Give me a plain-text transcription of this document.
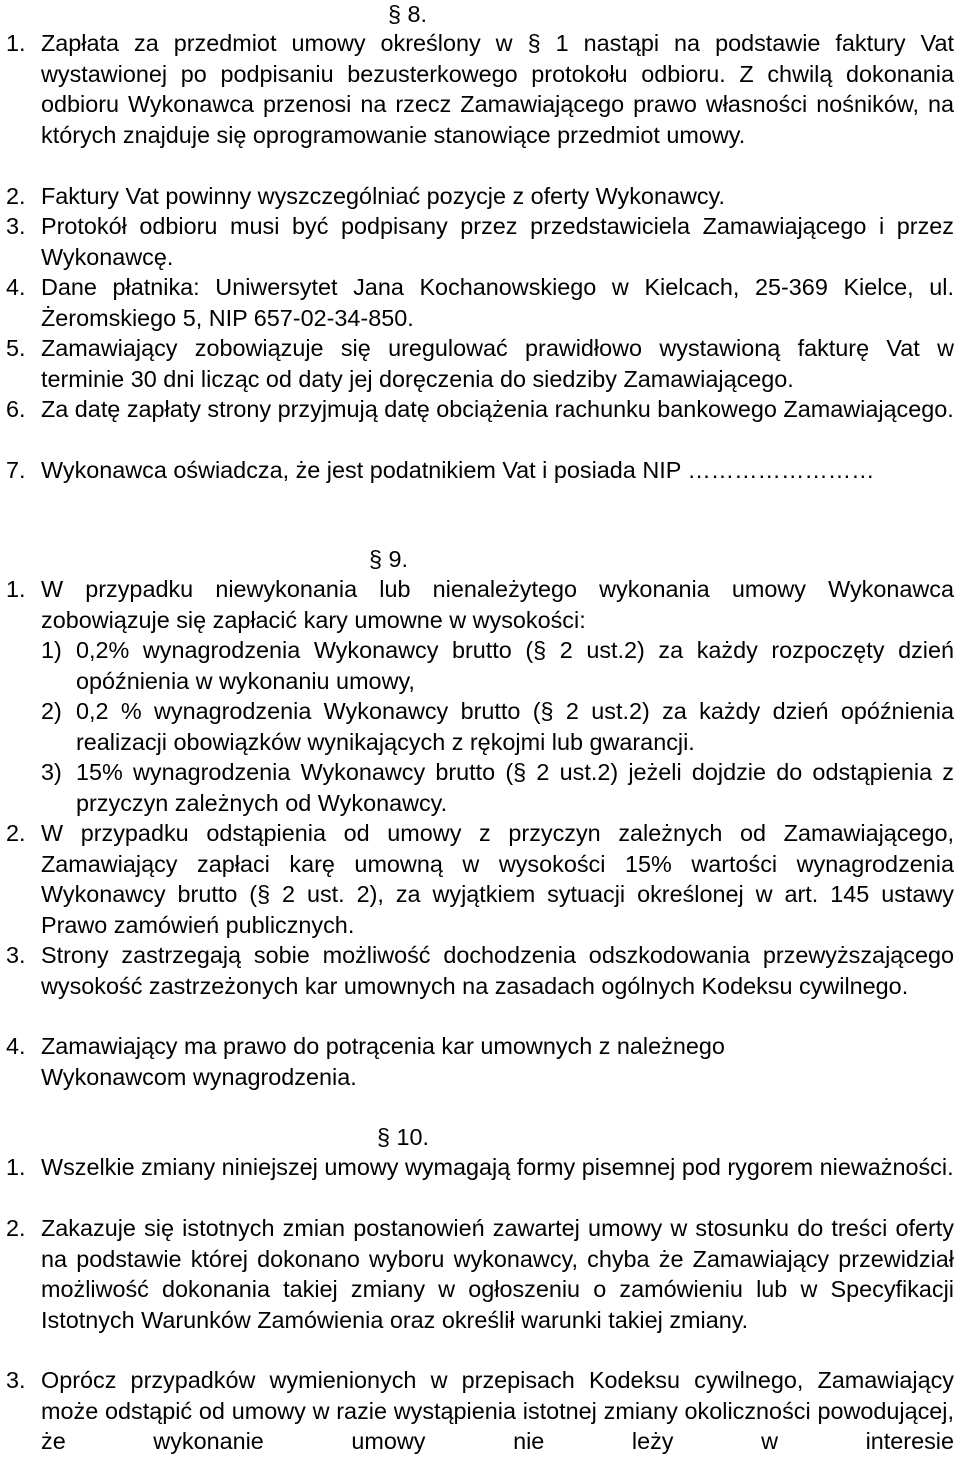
§ 8.
1. Zapłata za przedmiot umowy określony w § 1 nastąpi na podstawie faktury Vat wystawionej po podpisaniu bezusterkowego protokołu odbioru. Z chwilą dokonania odbioru Wykonawca przenosi na rzecz Zamawiającego prawo własności nośników, na których znajduje się oprogramowanie stanowiące przedmiot umowy.
2. Faktury Vat powinny wyszczególniać pozycje z oferty Wykonawcy.
3. Protokół odbioru musi być podpisany przez przedstawiciela Zamawiającego i przez Wykonawcę.
4. Dane płatnika: Uniwersytet Jana Kochanowskiego w Kielcach, 25-369 Kielce, ul. Żeromskiego 5, NIP 657-02-34-850.
5. Zamawiający zobowiązuje się uregulować prawidłowo wystawioną fakturę Vat w terminie 30 dni licząc od daty jej doręczenia do siedziby Zamawiającego.
6. Za datę zapłaty strony przyjmują datę obciążenia rachunku bankowego Zamawiającego.
7. Wykonawca oświadcza, że jest podatnikiem Vat i posiada NIP ……………………
§ 9.
1. W przypadku niewykonania lub nienależytego wykonania umowy Wykonawca zobowiązuje się zapłacić kary umowne w wysokości:
1) 0,2% wynagrodzenia Wykonawcy brutto (§ 2 ust.2) za każdy rozpoczęty dzień opóźnienia w wykonaniu umowy,
2) 0,2 % wynagrodzenia Wykonawcy brutto (§ 2 ust.2) za każdy dzień opóźnienia realizacji obowiązków wynikających z rękojmi lub gwarancji.
3) 15% wynagrodzenia Wykonawcy brutto (§ 2 ust.2) jeżeli dojdzie do odstąpienia z przyczyn zależnych od Wykonawcy.
2. W przypadku odstąpienia od umowy z przyczyn zależnych od Zamawiającego, Zamawiający zapłaci karę umowną w wysokości 15% wartości wynagrodzenia Wykonawcy brutto (§ 2 ust. 2), za wyjątkiem sytuacji określonej w art. 145 ustawy Prawo zamówień publicznych.
3. Strony zastrzegają sobie możliwość dochodzenia odszkodowania przewyższającego wysokość zastrzeżonych kar umownych na zasadach ogólnych Kodeksu cywilnego.
4. Zamawiający ma prawo do potrącenia kar umownych z należnego Wykonawcom wynagrodzenia.
§ 10.
1. Wszelkie zmiany niniejszej umowy wymagają formy pisemnej pod rygorem nieważności.
2. Zakazuje się istotnych zmian postanowień zawartej umowy w stosunku do treści oferty na podstawie której dokonano wyboru wykonawcy, chyba że Zamawiający przewidział możliwość dokonania takiej zmiany w ogłoszeniu o zamówieniu lub w Specyfikacji Istotnych Warunków Zamówienia oraz określił warunki takiej zmiany.
3. Oprócz przypadków wymienionych w przepisach Kodeksu cywilnego, Zamawiający może odstąpić od umowy w razie wystąpienia istotnej zmiany okoliczności powodującej, że wykonanie umowy nie leży w interesie
